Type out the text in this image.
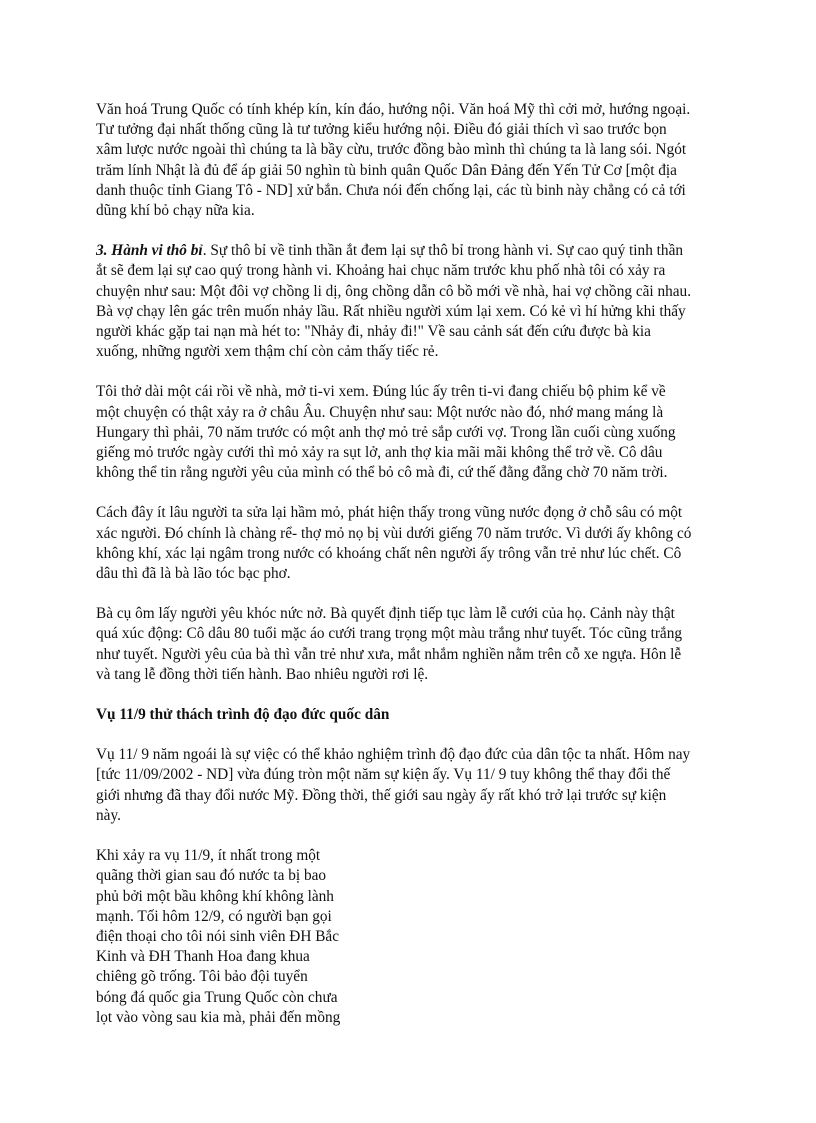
Văn hoá Trung Quốc có tính khép kín, kín đáo, hướng nội. Văn hoá Mỹ thì cởi mở, hướng ngoại.
Tư tưởng đại nhất thống cũng là tư tưởng kiểu hướng nội. Điều đó giải thích vì sao trước bọn
xâm lược nước ngoài thì chúng ta là bầy cừu, trước đồng bào mình thì chúng ta là lang sói. Ngót
trăm lính Nhật là đủ để áp giải 50 nghìn tù binh quân Quốc Dân Đảng đến Yến Tử Cơ [một địa
danh thuộc tỉnh Giang Tô - ND] xử bắn. Chưa nói đến chống lại, các tù binh này chẳng có cả tới
dũng khí bỏ chạy nữa kia.
3. Hành vi thô bỉ. Sự thô bỉ về tinh thần ắt đem lại sự thô bỉ trong hành vi. Sự cao quý tinh thần
ắt sẽ đem lại sự cao quý trong hành vi. Khoảng hai chục năm trước khu phố nhà tôi có xảy ra
chuyện như sau: Một đôi vợ chồng li dị, ông chồng dẫn cô bồ mới về nhà, hai vợ chồng cãi nhau.
Bà vợ chạy lên gác trên muốn nhảy lầu. Rất nhiều người xúm lại xem. Có kẻ vì hí hửng khi thấy
người khác gặp tai nạn mà hét to: "Nhảy đi, nhảy đi!" Về sau cảnh sát đến cứu được bà kia
xuống, những người xem thậm chí còn cảm thấy tiếc rẻ.
Tôi thở dài một cái rồi về nhà, mở ti-vi xem. Đúng lúc ấy trên ti-vi đang chiếu bộ phim kể về
một chuyện có thật xảy ra ở châu Âu. Chuyện như sau: Một nước nào đó, nhớ mang máng là
Hungary thì phải, 70 năm trước có một anh thợ mỏ trẻ sắp cưới vợ. Trong lần cuối cùng xuống
giếng mỏ trước ngày cưới thì mỏ xảy ra sụt lở, anh thợ kia mãi mãi không thể trở về. Cô dâu
không thể tin rằng người yêu của mình có thể bỏ cô mà đi, cứ thế đằng đẵng chờ 70 năm trời.
Cách đây ít lâu người ta sửa lại hầm mỏ, phát hiện thấy trong vũng nước đọng ở chỗ sâu có một
xác người. Đó chính là chàng rể- thợ mỏ nọ bị vùi dưới giếng 70 năm trước. Vì dưới ấy không có
không khí, xác lại ngâm trong nước có khoáng chất nên người ấy trông vẫn trẻ như lúc chết. Cô
dâu thì đã là bà lão tóc bạc phơ.
Bà cụ ôm lấy người yêu khóc nức nở. Bà quyết định tiếp tục làm lễ cưới của họ. Cảnh này thật
quá xúc động: Cô dâu 80 tuổi mặc áo cưới trang trọng một màu trắng như tuyết. Tóc cũng trắng
như tuyết. Người yêu của bà thì vẫn trẻ như xưa, mắt nhắm nghiền nằm trên cỗ xe ngựa. Hôn lễ
và tang lễ đồng thời tiến hành. Bao nhiêu người rơi lệ.
Vụ 11/9 thử thách trình độ đạo đức quốc dân
Vụ 11/ 9 năm ngoái là sự việc có thể khảo nghiệm trình độ đạo đức của dân tộc ta nhất. Hôm nay
[tức 11/09/2002 - ND] vừa đúng tròn một năm sự kiện ấy. Vụ 11/ 9 tuy không thể thay đổi thế
giới nhưng đã thay đổi nước Mỹ. Đồng thời, thế giới sau ngày ấy rất khó trở lại trước sự kiện
này.
Khi xảy ra vụ 11/9, ít nhất trong một
quãng thời gian sau đó nước ta bị bao
phủ bởi một bầu không khí không lành
mạnh. Tối hôm 12/9, có người bạn gọi
điện thoại cho tôi nói sinh viên ĐH Bắc
Kinh và ĐH Thanh Hoa đang khua
chiêng gõ trống. Tôi bảo đội tuyển
bóng đá quốc gia Trung Quốc còn chưa
lọt vào vòng sau kia mà, phải đến mồng
